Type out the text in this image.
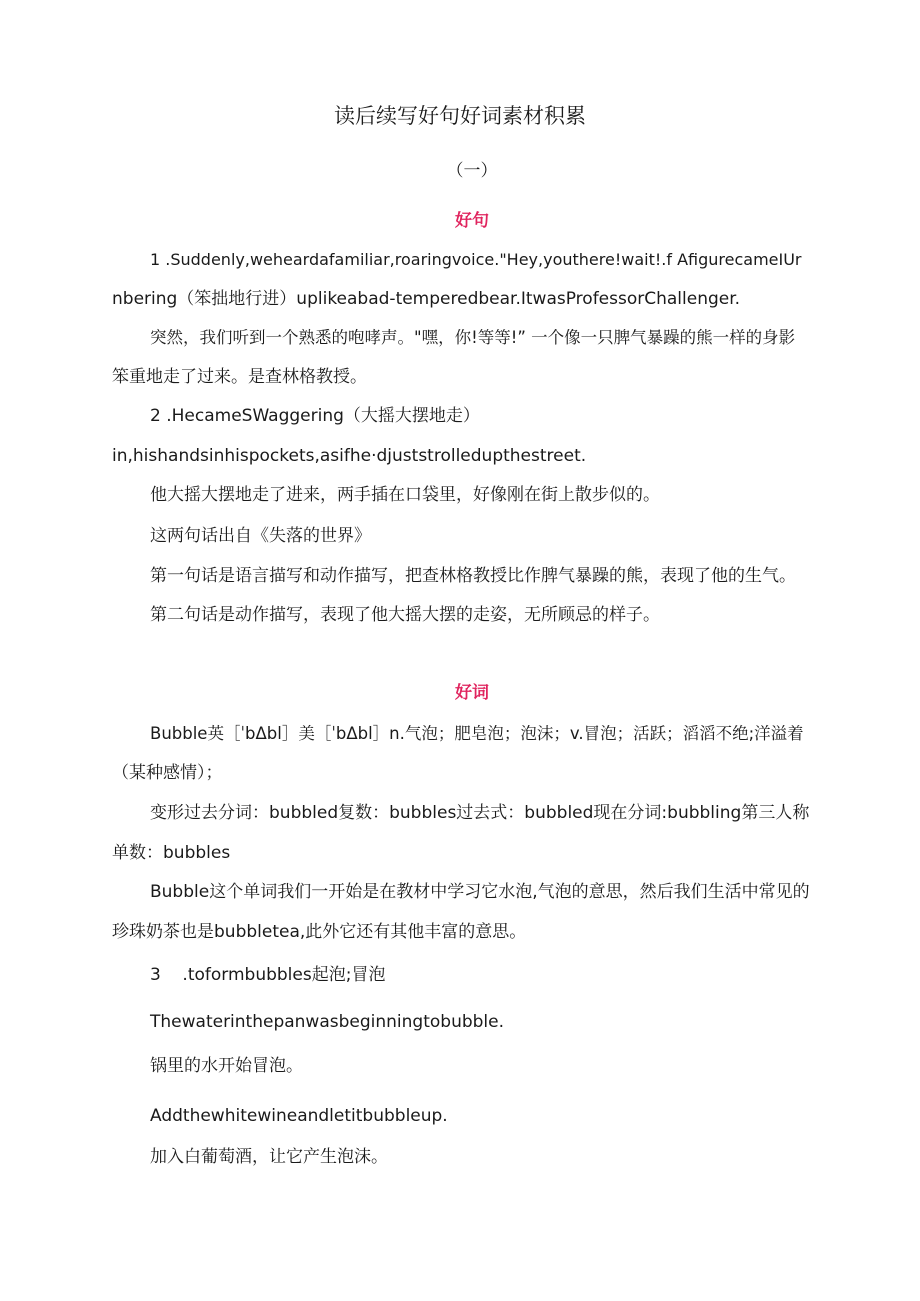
读后续写好句好词素材积累
（一）
好句
1 .Suddenly,weheardafamiliar,roaringvoice."Hey,youthere!wait!.f AfigurecameIUr
nbering（笨拙地行进）uplikeabad-temperedbear.ItwasProfessorChallenger.
突然，我们听到一个熟悉的咆哮声。"嘿，你!等等!” 一个像一只脾气暴躁的熊一样的身影
笨重地走了过来。是查林格教授。
2 .HecameSWaggering（大摇大摆地走）
in,hishandsinhispockets,asifhe·djuststrolledupthestreet.
他大摇大摆地走了进来，两手插在口袋里，好像刚在街上散步似的。
这两句话出自《失落的世界》
第一句话是语言描写和动作描写，把查林格教授比作脾气暴躁的熊，表现了他的生气。
第二句话是动作描写，表现了他大摇大摆的走姿，无所顾忌的样子。
好词
Bubble英［ˈbΔbl］美［ˈbΔbl］n.气泡；肥皂泡；泡沫；v.冒泡；活跃；滔滔不绝;洋溢着
（某种感情）；
变形过去分词：bubbled复数：bubbles过去式：bubbled现在分词:bubbling第三人称
单数：bubbles
Bubble这个单词我们一开始是在教材中学习它水泡,气泡的意思，然后我们生活中常见的
珍珠奶茶也是bubbletea,此外它还有其他丰富的意思。
3    .toformbubbles起泡;冒泡
Thewaterinthepanwasbeginningtobubble.
锅里的水开始冒泡。
Addthewhitewineandletitbubbleup.
加入白葡萄酒，让它产生泡沫。
